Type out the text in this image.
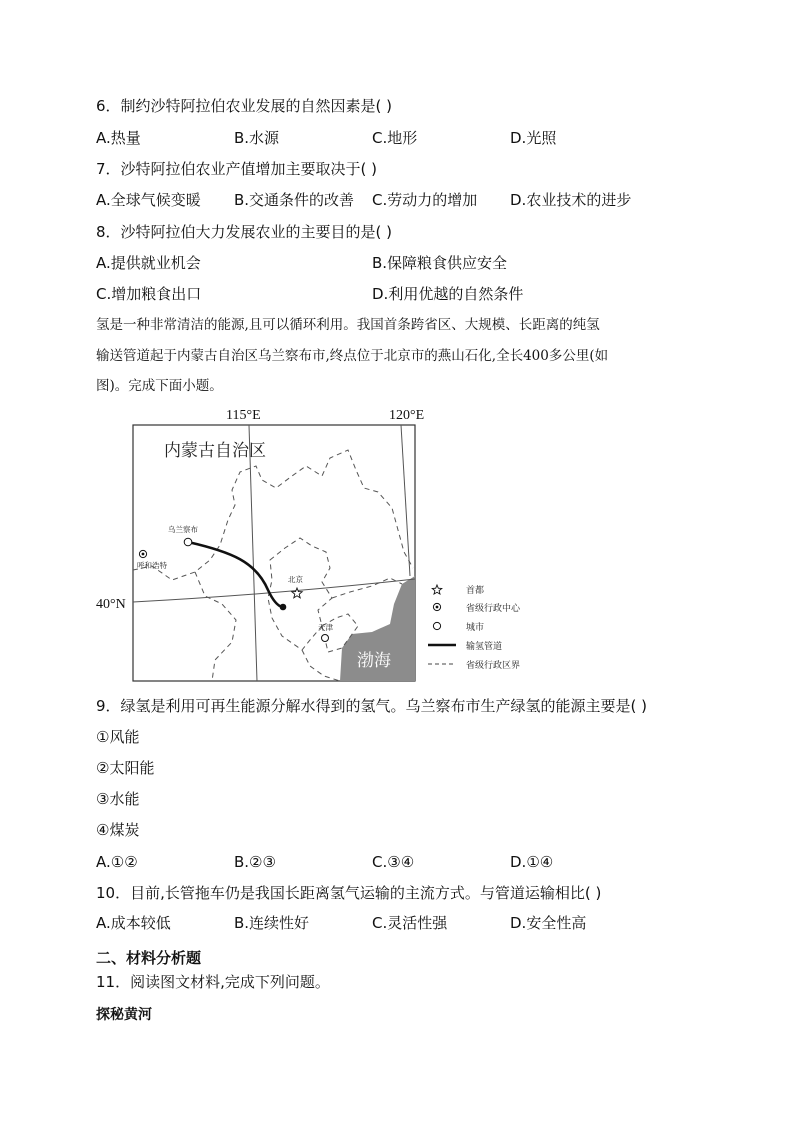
6．制约沙特阿拉伯农业发展的自然因素是( )
A.热量	B.水源	C.地形	D.光照
7．沙特阿拉伯农业产值增加主要取决于( )
A.全球气候变暖 B.交通条件的改善 C.劳动力的增加 D.农业技术的进步
8．沙特阿拉伯大力发展农业的主要目的是( )
A.提供就业机会	B.保障粮食供应安全
C.增加粮食出口	D.利用优越的自然条件
氢是一种非常清洁的能源,且可以循环利用。我国首条跨省区、大规模、长距离的纯氢
输送管道起于内蒙古自治区乌兰察布市,终点位于北京市的燕山石化,全长400多公里(如
图)。完成下面小题。
115°E	120°E
40°N
内蒙古自治区
乌兰察布
呼和浩特
北京
天津
渤海
首都
省级行政中心
城市
输氢管道
省级行政区界
9．绿氢是利用可再生能源分解水得到的氢气。乌兰察布市生产绿氢的能源主要是( )
①风能
②太阳能
③水能
④煤炭
A.①②	B.②③	C.③④	D.①④
10．目前,长管拖车仍是我国长距离氢气运输的主流方式。与管道运输相比( )
A.成本较低	B.连续性好	C.灵活性强	D.安全性高
二、材料分析题
11．阅读图文材料,完成下列问题。
探秘黄河
